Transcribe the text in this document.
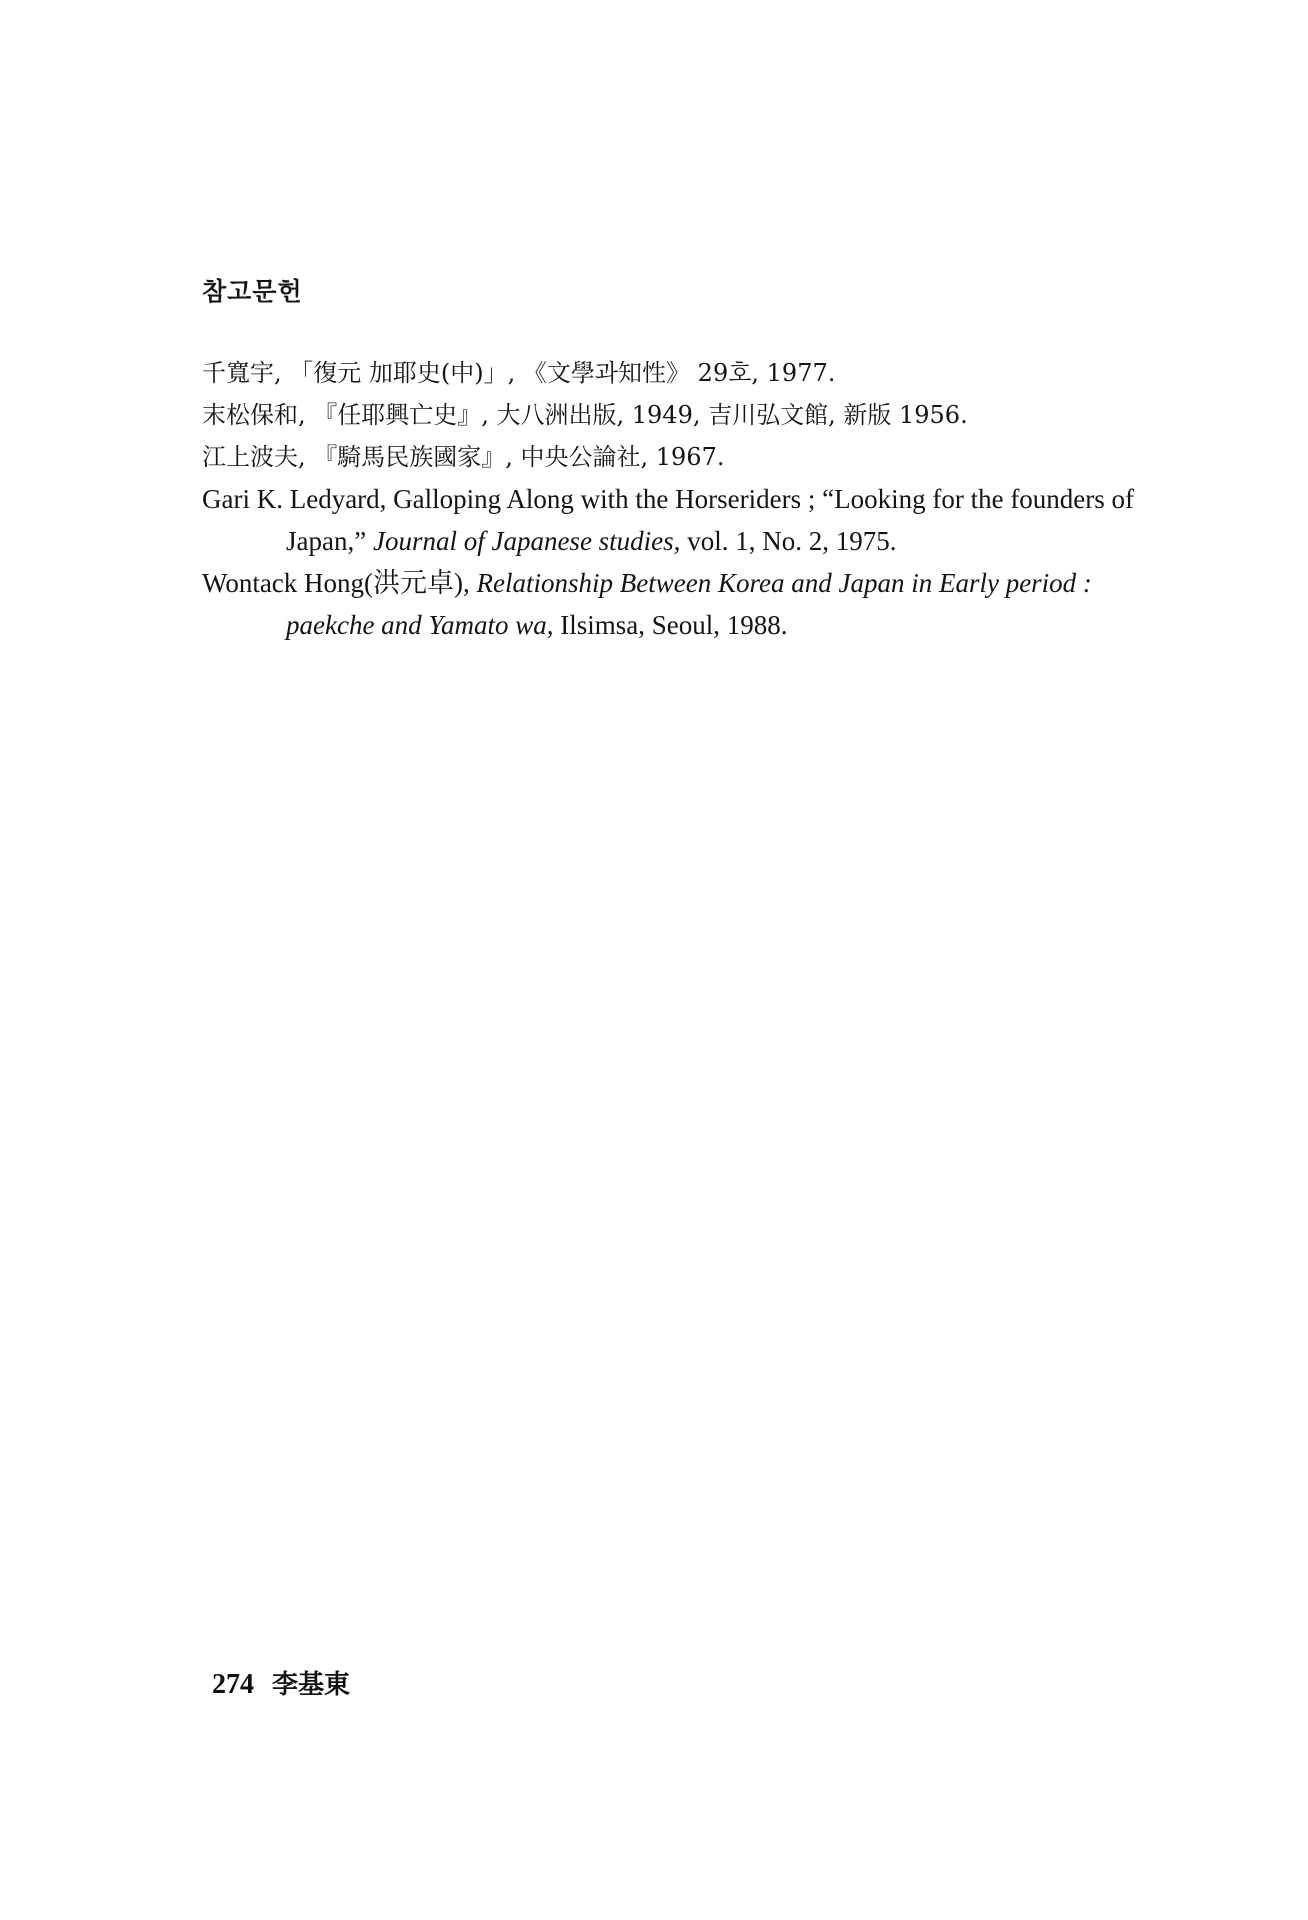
참고문헌

千寬宇, 「復元 加耶史(中)」, 《文學과知性》 29호, 1977.

末松保和, 『任耶興亡史』, 大八洲出版, 1949, 吉川弘文館, 新版 1956.

江上波夫, 『騎馬民族國家』, 中央公論社, 1967.

Gari K. Ledyard, Galloping Along with the Horseriders ; “Looking for the founders of Japan,” Journal of Japanese studies, vol. 1, No. 2, 1975.

Wontack Hong(洪元卓), Relationship Between Korea and Japan in Early period : paekche and Yamato wa, Ilsimsa, Seoul, 1988.

274 李基東
